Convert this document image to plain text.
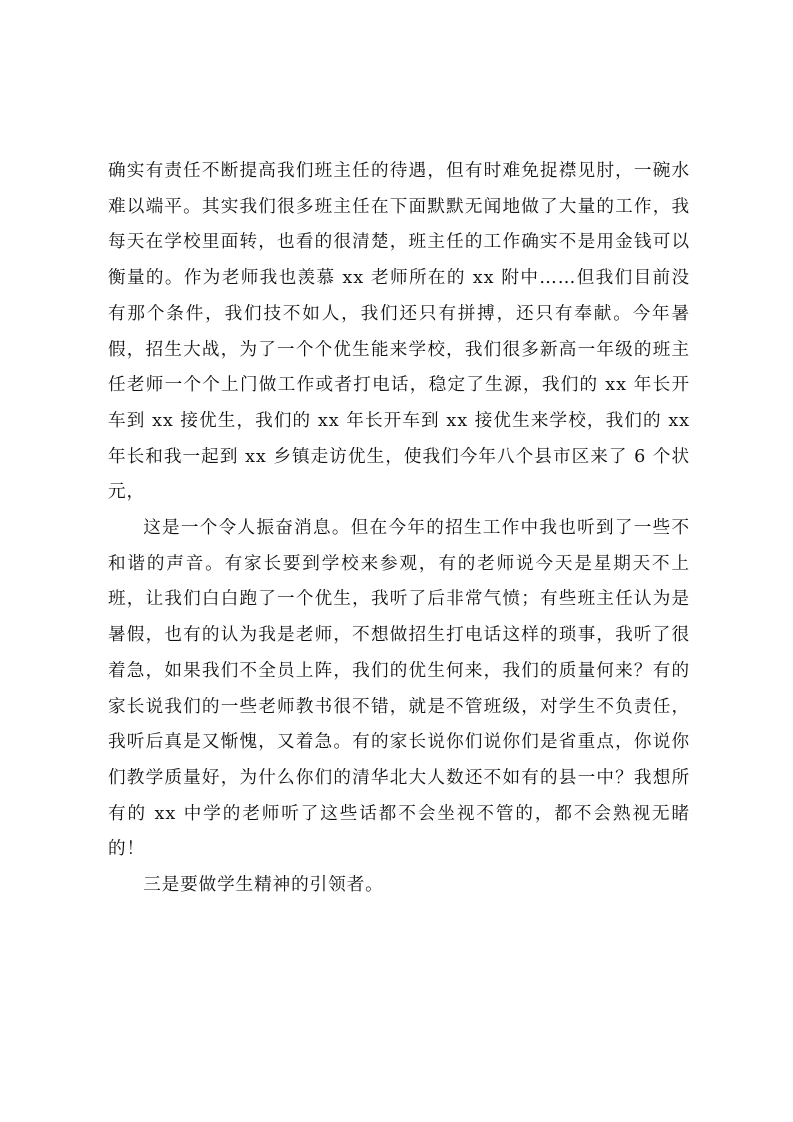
确实有责任不断提高我们班主任的待遇，但有时难免捉襟见肘，一碗水难以端平。其实我们很多班主任在下面默默无闻地做了大量的工作，我每天在学校里面转，也看的很清楚，班主任的工作确实不是用金钱可以衡量的。作为老师我也羡慕 xx 老师所在的 xx 附中……但我们目前没有那个条件，我们技不如人，我们还只有拼搏，还只有奉献。今年暑假，招生大战，为了一个个优生能来学校，我们很多新高一年级的班主任老师一个个上门做工作或者打电话，稳定了生源，我们的 xx 年长开车到 xx 接优生，我们的 xx 年长开车到 xx 接优生来学校，我们的 xx 年长和我一起到 xx 乡镇走访优生，使我们今年八个县市区来了 6 个状元，

这是一个令人振奋消息。但在今年的招生工作中我也听到了一些不和谐的声音。有家长要到学校来参观，有的老师说今天是星期天不上班，让我们白白跑了一个优生，我听了后非常气愤；有些班主任认为是暑假，也有的认为我是老师，不想做招生打电话这样的琐事，我听了很着急，如果我们不全员上阵，我们的优生何来，我们的质量何来？有的家长说我们的一些老师教书很不错，就是不管班级，对学生不负责任，我听后真是又惭愧，又着急。有的家长说你们说你们是省重点，你说你们教学质量好，为什么你们的清华北大人数还不如有的县一中？我想所有的 xx 中学的老师听了这些话都不会坐视不管的，都不会熟视无睹的！

三是要做学生精神的引领者。
